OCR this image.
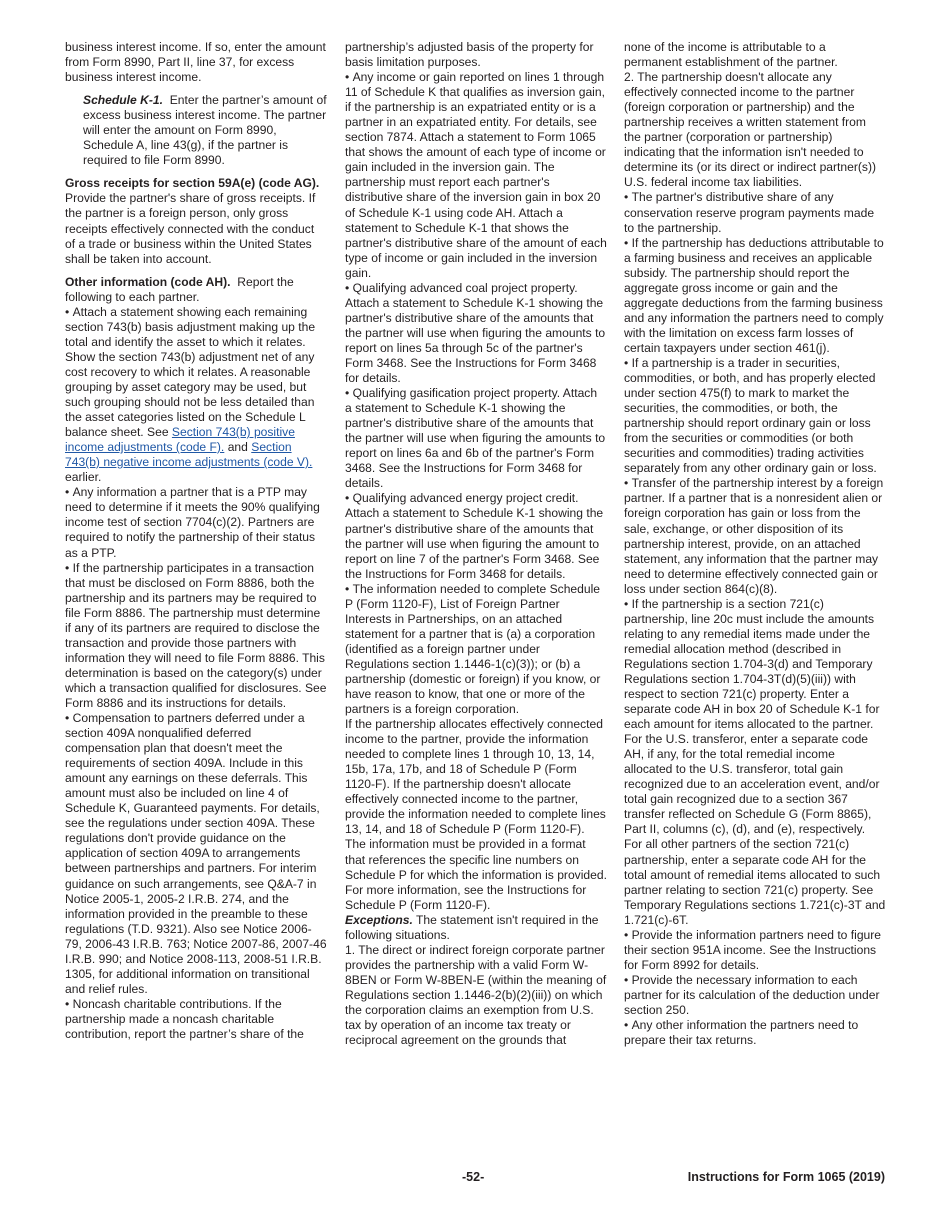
business interest income. If so, enter the amount from Form 8990, Part II, line 37, for excess business interest income.

Schedule K-1. Enter the partner’s amount of excess business interest income. The partner will enter the amount on Form 8990, Schedule A, line 43(g), if the partner is required to file Form 8990.

Gross receipts for section 59A(e) (code AG).  Provide the partner's share of gross receipts. If the partner is a foreign person, only gross receipts effectively connected with the conduct of a trade or business within the United States shall be taken into account.

Other information (code AH). Report the following to each partner.

• Attach a statement showing each remaining section 743(b) basis adjustment making up the total and identify the asset to which it relates. Show the section 743(b) adjustment net of any cost recovery to which it relates. A reasonable grouping by asset category may be used, but such grouping should not be less detailed than the asset categories listed on the Schedule L balance sheet. See Section 743(b) positive income adjustments (code F). and Section 743(b) negative income adjustments (code V). earlier.

• Any information a partner that is a PTP may need to determine if it meets the 90% qualifying income test of section 7704(c)(2). Partners are required to notify the partnership of their status as a PTP.

• If the partnership participates in a transaction that must be disclosed on Form 8886, both the partnership and its partners may be required to file Form 8886. The partnership must determine if any of its partners are required to disclose the transaction and provide those partners with information they will need to file Form 8886. This determination is based on the category(s) under which a transaction qualified for disclosures. See Form 8886 and its instructions for details.

• Compensation to partners deferred under a section 409A nonqualified deferred compensation plan that doesn't meet the requirements of section 409A. Include in this amount any earnings on these deferrals. This amount must also be included on line 4 of Schedule K, Guaranteed payments. For details, see the regulations under section 409A. These regulations don't provide guidance on the application of section 409A to arrangements between partnerships and partners. For interim guidance on such arrangements, see Q&A-7 in Notice 2005-1, 2005-2 I.R.B. 274, and the information provided in the preamble to these regulations (T.D. 9321). Also see Notice 2006-79, 2006-43 I.R.B. 763; Notice 2007-86, 2007-46 I.R.B. 990; and Notice 2008-113, 2008-51 I.R.B. 1305, for additional information on transitional and relief rules.

• Noncash charitable contributions. If the partnership made a noncash charitable contribution, report the partner’s share of the

partnership’s adjusted basis of the property for basis limitation purposes.

• Any income or gain reported on lines 1 through 11 of Schedule K that qualifies as inversion gain, if the partnership is an expatriated entity or is a partner in an expatriated entity. For details, see section 7874. Attach a statement to Form 1065 that shows the amount of each type of income or gain included in the inversion gain. The partnership must report each partner's distributive share of the inversion gain in box 20 of Schedule K-1 using code AH. Attach a statement to Schedule K-1 that shows the partner's distributive share of the amount of each type of income or gain included in the inversion gain.

• Qualifying advanced coal project property. Attach a statement to Schedule K-1 showing the partner's distributive share of the amounts that the partner will use when figuring the amounts to report on lines 5a through 5c of the partner's Form 3468. See the Instructions for Form 3468 for details.

• Qualifying gasification project property. Attach a statement to Schedule K-1 showing the partner's distributive share of the amounts that the partner will use when figuring the amounts to report on lines 6a and 6b of the partner's Form 3468. See the Instructions for Form 3468 for details.

• Qualifying advanced energy project credit. Attach a statement to Schedule K-1 showing the partner's distributive share of the amounts that the partner will use when figuring the amount to report on line 7 of the partner's Form 3468. See the Instructions for Form 3468 for details.

• The information needed to complete Schedule P (Form 1120-F), List of Foreign Partner Interests in Partnerships, on an attached statement for a partner that is (a) a corporation (identified as a foreign partner under Regulations section 1.1446-1(c)(3)); or (b) a partnership (domestic or foreign) if you know, or have reason to know, that one or more of the partners is a foreign corporation.

If the partnership allocates effectively connected income to the partner, provide the information needed to complete lines 1 through 10, 13, 14, 15b, 17a, 17b, and 18 of Schedule P (Form 1120-F). If the partnership doesn't allocate effectively connected income to the partner, provide the information needed to complete lines 13, 14, and 18 of Schedule P (Form 1120-F). The information must be provided in a format that references the specific line numbers on Schedule P for which the information is provided. For more information, see the Instructions for Schedule P (Form 1120-F).

Exceptions. The statement isn't required in the following situations.

1. The direct or indirect foreign corporate partner provides the partnership with a valid Form W-8BEN or Form W-8BEN-E (within the meaning of Regulations section 1.1446-2(b)(2)(iii)) on which the corporation claims an exemption from U.S. tax by operation of an income tax treaty or reciprocal agreement on the grounds that

none of the income is attributable to a permanent establishment of the partner.

2. The partnership doesn't allocate any effectively connected income to the partner (foreign corporation or partnership) and the partnership receives a written statement from the partner (corporation or partnership) indicating that the information isn't needed to determine its (or its direct or indirect partner(s)) U.S. federal income tax liabilities.

• The partner's distributive share of any conservation reserve program payments made to the partnership.

• If the partnership has deductions attributable to a farming business and receives an applicable subsidy. The partnership should report the aggregate gross income or gain and the aggregate deductions from the farming business and any information the partners need to comply with the limitation on excess farm losses of certain taxpayers under section 461(j).

• If a partnership is a trader in securities, commodities, or both, and has properly elected under section 475(f) to mark to market the securities, the commodities, or both, the partnership should report ordinary gain or loss from the securities or commodities (or both securities and commodities) trading activities separately from any other ordinary gain or loss.

• Transfer of the partnership interest by a foreign partner. If a partner that is a nonresident alien or foreign corporation has gain or loss from the sale, exchange, or other disposition of its partnership interest, provide, on an attached statement, any information that the partner may need to determine effectively connected gain or loss under section 864(c)(8).

• If the partnership is a section 721(c) partnership, line 20c must include the amounts relating to any remedial items made under the remedial allocation method (described in Regulations section 1.704-3(d) and Temporary Regulations section 1.704-3T(d)(5)(iii)) with respect to section 721(c) property. Enter a separate code AH in box 20 of Schedule K-1 for each amount for items allocated to the partner. For the U.S. transferor, enter a separate code AH, if any, for the total remedial income allocated to the U.S. transferor, total gain recognized due to an acceleration event, and/or total gain recognized due to a section 367 transfer reflected on Schedule G (Form 8865), Part II, columns (c), (d), and (e), respectively. For all other partners of the section 721(c) partnership, enter a separate code AH for the total amount of remedial items allocated to such partner relating to section 721(c) property. See Temporary Regulations sections 1.721(c)-3T and 1.721(c)-6T.

• Provide the information partners need to figure their section 951A income. See the Instructions for Form 8992 for details.

• Provide the necessary information to each partner for its calculation of the deduction under section 250.

• Any other information the partners need to prepare their tax returns.

-52-	Instructions for Form 1065 (2019)
